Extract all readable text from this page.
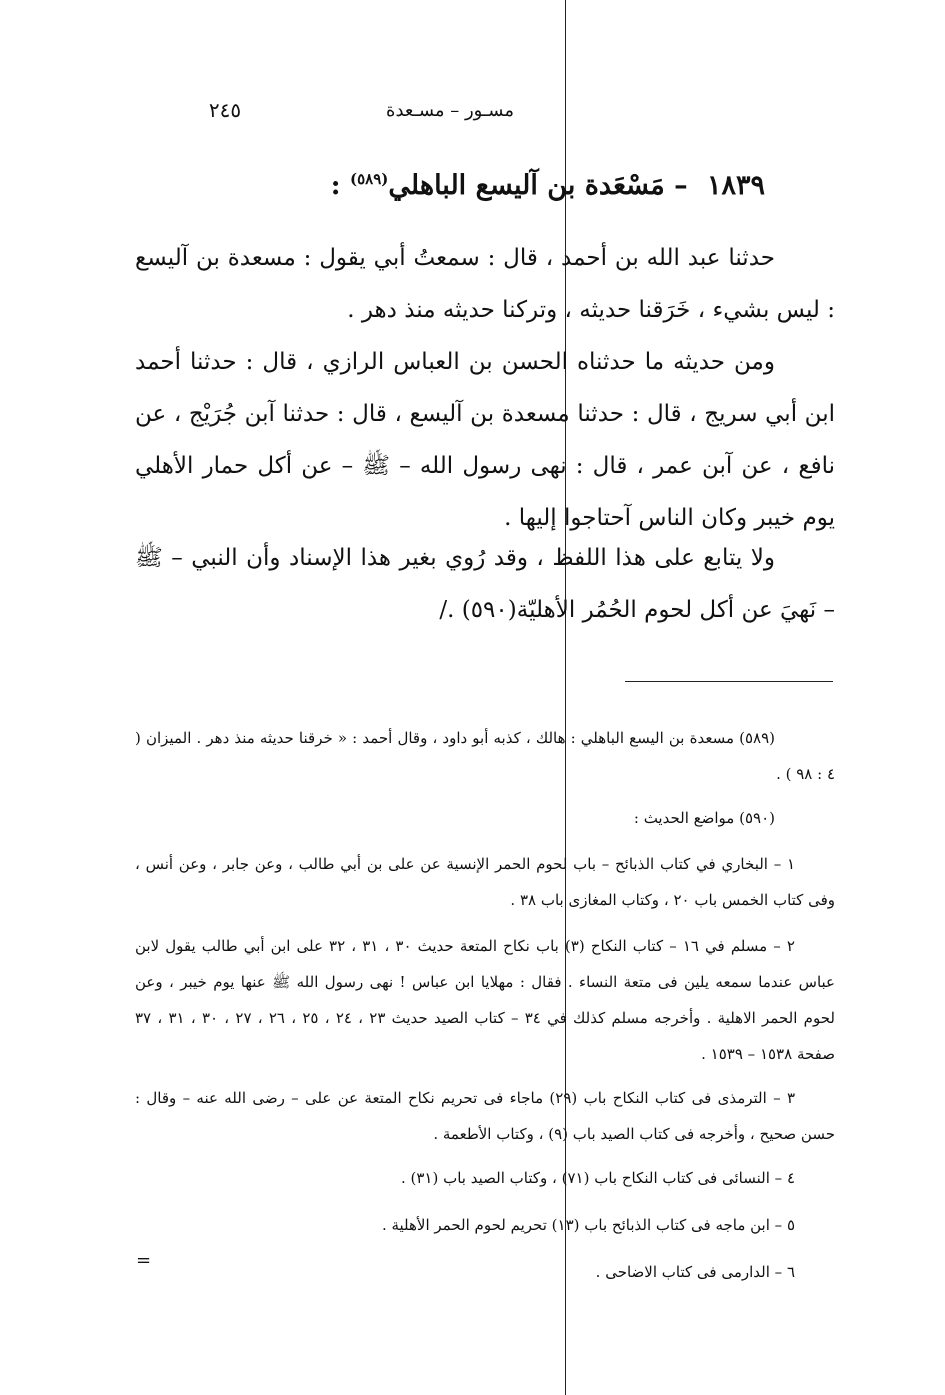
مسـور – مسـعدة
٢٤٥
١٨٣٩ – مَسْعَدة بن آليسع الباهلي$^{(٥٨٩)}$ :
حدثنا عبد الله بن أحمد ، قال : سمعتُ أبي يقول : مسعدة بن آليسع : ليس بشيء ، خَرَقنا حديثه ، وتركنا حديثه منذ دهر .
ومن حديثه ما حدثناه الحسن بن العباس الرازي ، قال : حدثنا أحمد ابن أبي سريج ، قال : حدثنا مسعدة بن آليسع ، قال : حدثنا آبن جُرَيْج ، عن نافع ، عن آبن عمر ، قال : نهى رسول الله – ﷺ – عن أكل حمار الأهلي يوم خيبر وكان الناس آحتاجوا إليها .
ولا يتابع على هذا اللفظ ، وقد رُوي بغير هذا الإسناد وأن النبي – ﷺ – نَهيَ عن أكل لحوم الحُمُر الأهليّة(٥٩٠) ./
(٥٨٩) مسعدة بن اليسع الباهلي : هالك ، كذبه أبو داود ، وقال أحمد : « خرقنا حديثه منذ دهر . الميزان ( ٤ : ٩٨ ) .
(٥٩٠) مواضع الحديث :
١ – البخاري في كتاب الذبائح – باب لحوم الحمر الإنسية عن على بن أبي طالب ، وعن جابر ، وعن أنس ، وفى كتاب الخمس باب ٢٠ ، وكتاب المغازى باب ٣٨ .
٢ – مسلم في ١٦ – كتاب النكاح (٣) باب نكاح المتعة حديث ٣٠ ، ٣١ ، ٣٢ على ابن أبي طالب يقول لابن عباس عندما سمعه يلين فى متعة النساء . فقال : مهلايا ابن عباس ! نهى رسول الله ﷺ عنها يوم خيبر ، وعن لحوم الحمر الاهلية . وأخرجه مسلم كذلك في ٣٤ – كتاب الصيد حديث ٢٣ ، ٢٤ ، ٢٥ ، ٢٦ ، ٢٧ ، ٣٠ ، ٣١ ، ٣٧ صفحة ١٥٣٨ – ١٥٣٩ .
٣ – الترمذى فى كتاب النكاح باب (٢٩) ماجاء فى تحريم نكاح المتعة عن على – رضى الله عنه – وقال : حسن صحيح ، وأخرجه فى كتاب الصيد باب (٩) ، وكتاب الأطعمة .
٤ – النسائى فى كتاب النكاح باب (٧١) ، وكتاب الصيد باب (٣١) .
٥ – ابن ماجه فى كتاب الذبائح باب (١٣) تحريم لحوم الحمر الأهلية .
٦ – الدارمى فى كتاب الاضاحى .
=
